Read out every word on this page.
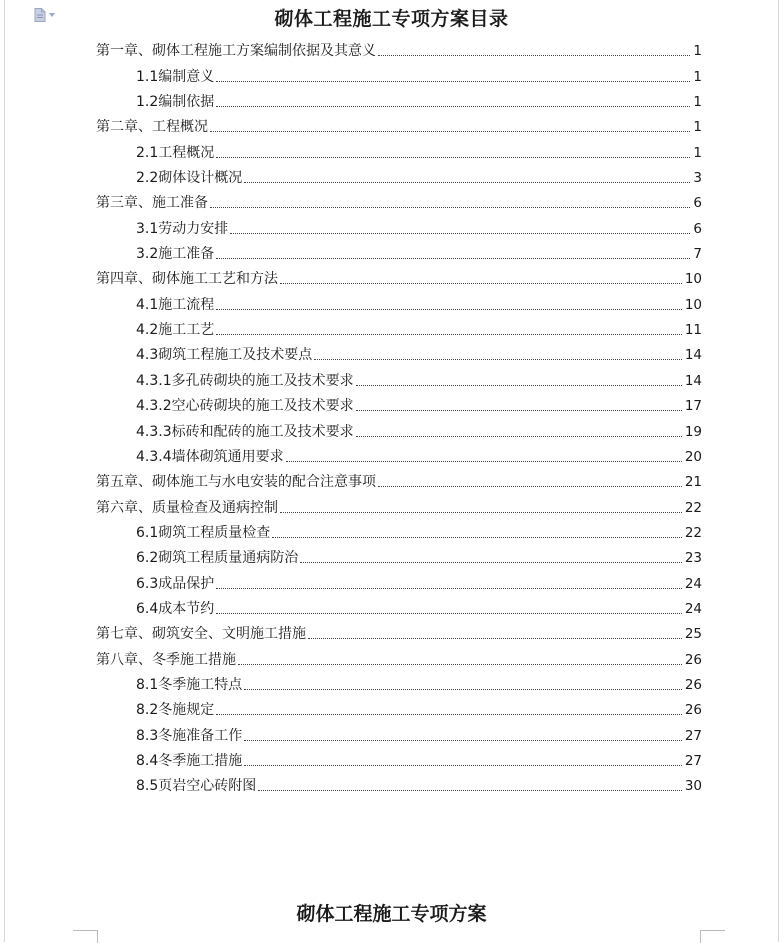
砌体工程施工专项方案目录
第一章、砌体工程施工方案编制依据及其意义	1
1.1编制意义	1
1.2编制依据	1
第二章、工程概况	1
2.1工程概况	1
2.2砌体设计概况	3
第三章、施工准备	6
3.1劳动力安排	6
3.2施工准备	7
第四章、砌体施工工艺和方法	10
4.1施工流程	10
4.2施工工艺	11
4.3砌筑工程施工及技术要点	14
4.3.1多孔砖砌块的施工及技术要求	14
4.3.2空心砖砌块的施工及技术要求	17
4.3.3标砖和配砖的施工及技术要求	19
4.3.4墙体砌筑通用要求	20
第五章、砌体施工与水电安装的配合注意事项	21
第六章、质量检查及通病控制	22
6.1砌筑工程质量检查	22
6.2砌筑工程质量通病防治	23
6.3成品保护	24
6.4成本节约	24
第七章、砌筑安全、文明施工措施	25
第八章、冬季施工措施	26
8.1冬季施工特点	26
8.2冬施规定	26
8.3冬施准备工作	27
8.4冬季施工措施	27
8.5页岩空心砖附图	30
砌体工程施工专项方案
